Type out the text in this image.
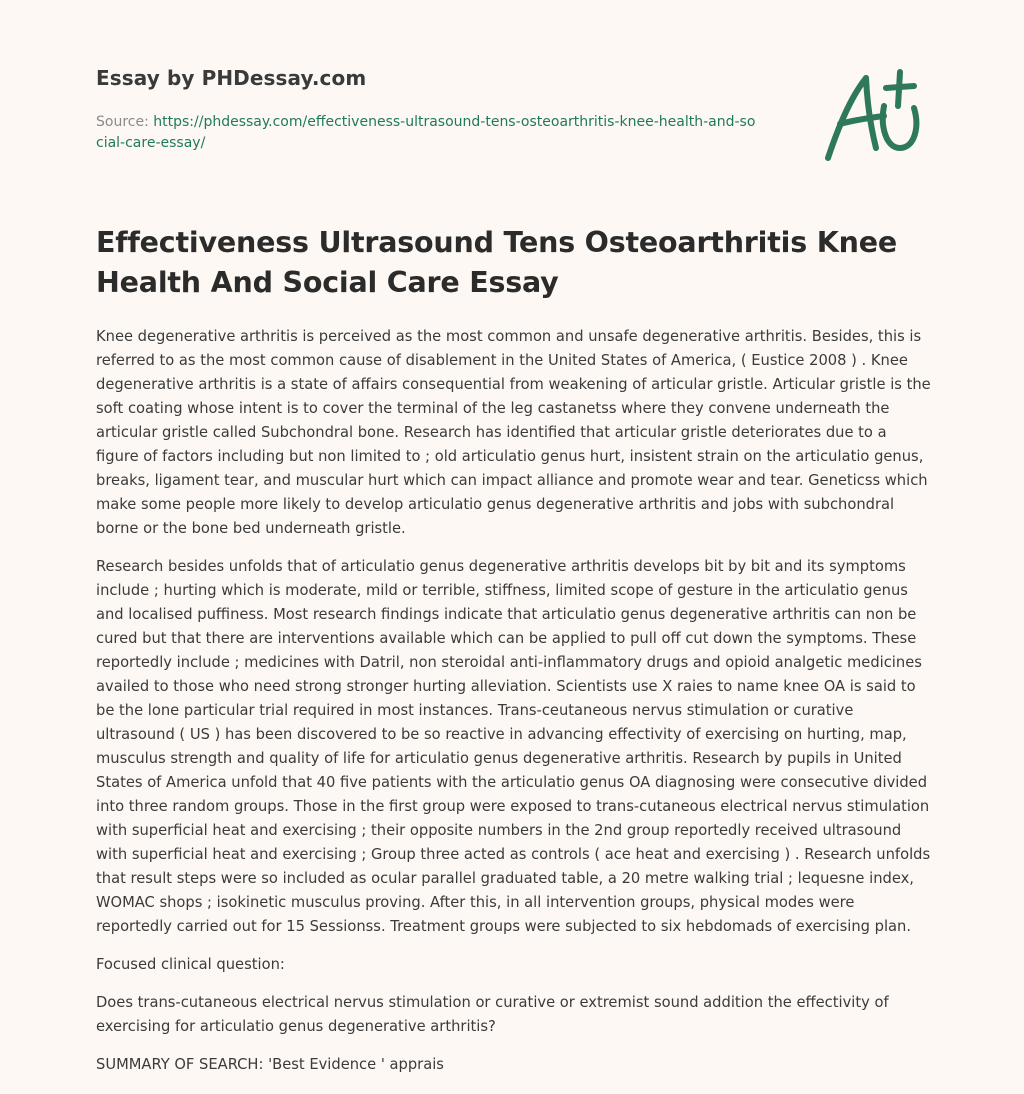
Essay by PHDessay.com
Source: https://phdessay.com/effectiveness-ultrasound-tens-osteoarthritis-knee-health-and-social-care-essay/
Effectiveness Ultrasound Tens Osteoarthritis Knee Health And Social Care Essay

Knee degenerative arthritis is perceived as the most common and unsafe degenerative arthritis. Besides, this is referred to as the most common cause of disablement in the United States of America, ( Eustice 2008 ) . Knee degenerative arthritis is a state of affairs consequential from weakening of articular gristle. Articular gristle is the soft coating whose intent is to cover the terminal of the leg castanetss where they convene underneath the articular gristle called Subchondral bone. Research has identified that articular gristle deteriorates due to a figure of factors including but non limited to ; old articulatio genus hurt, insistent strain on the articulatio genus, breaks, ligament tear, and muscular hurt which can impact alliance and promote wear and tear. Geneticss which make some people more likely to develop articulatio genus degenerative arthritis and jobs with subchondral borne or the bone bed underneath gristle.

Research besides unfolds that of articulatio genus degenerative arthritis develops bit by bit and its symptoms include ; hurting which is moderate, mild or terrible, stiffness, limited scope of gesture in the articulatio genus and localised puffiness. Most research findings indicate that articulatio genus degenerative arthritis can non be cured but that there are interventions available which can be applied to pull off cut down the symptoms. These reportedly include ; medicines with Datril, non steroidal anti-inflammatory drugs and opioid analgetic medicines availed to those who need strong stronger hurting alleviation. Scientists use X raies to name knee OA is said to be the lone particular trial required in most instances. Trans-ceutaneous nervus stimulation or curative ultrasound ( US ) has been discovered to be so reactive in advancing effectivity of exercising on hurting, map, musculus strength and quality of life for articulatio genus degenerative arthritis. Research by pupils in United States of America unfold that 40 five patients with the articulatio genus OA diagnosing were consecutive divided into three random groups. Those in the first group were exposed to trans-cutaneous electrical nervus stimulation with superficial heat and exercising ; their opposite numbers in the 2nd group reportedly received ultrasound with superficial heat and exercising ; Group three acted as controls ( ace heat and exercising ) . Research unfolds that result steps were so included as ocular parallel graduated table, a 20 metre walking trial ; lequesne index, WOMAC shops ; isokinetic musculus proving. After this, in all intervention groups, physical modes were reportedly carried out for 15 Sessionss. Treatment groups were subjected to six hebdomads of exercising plan.

Focused clinical question:

Does trans-cutaneous electrical nervus stimulation or curative or extremist sound addition the effectivity of exercising for articulatio genus degenerative arthritis?

SUMMARY OF SEARCH: 'Best Evidence ' apprais
